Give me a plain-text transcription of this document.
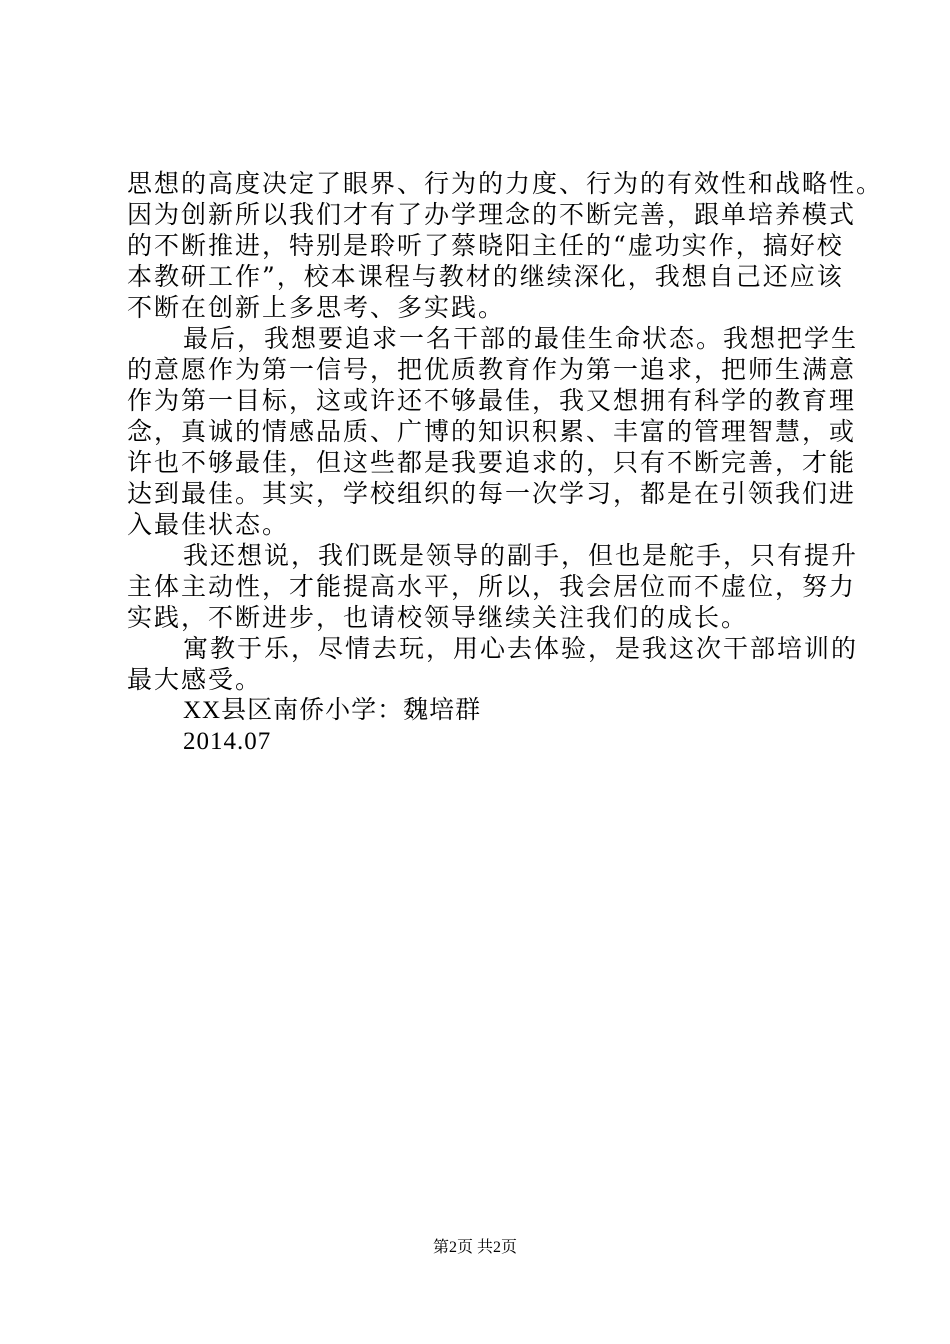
思想的高度决定了眼界、行为的力度、行为的有效性和战略性。
因为创新所以我们才有了办学理念的不断完善，跟单培养模式
的不断推进，特别是聆听了蔡晓阳主任的“虚功实作，搞好校
本教研工作”，校本课程与教材的继续深化，我想自己还应该
不断在创新上多思考、多实践。
最后，我想要追求一名干部的最佳生命状态。我想把学生
的意愿作为第一信号，把优质教育作为第一追求，把师生满意
作为第一目标，这或许还不够最佳，我又想拥有科学的教育理
念，真诚的情感品质、广博的知识积累、丰富的管理智慧，或
许也不够最佳，但这些都是我要追求的，只有不断完善，才能
达到最佳。其实，学校组织的每一次学习，都是在引领我们进
入最佳状态。
我还想说，我们既是领导的副手，但也是舵手，只有提升
主体主动性，才能提高水平，所以，我会居位而不虚位，努力
实践，不断进步，也请校领导继续关注我们的成长。
寓教于乐，尽情去玩，用心去体验，是我这次干部培训的
最大感受。
XX县区南侨小学：魏培群
2014.07
第2页 共2页
